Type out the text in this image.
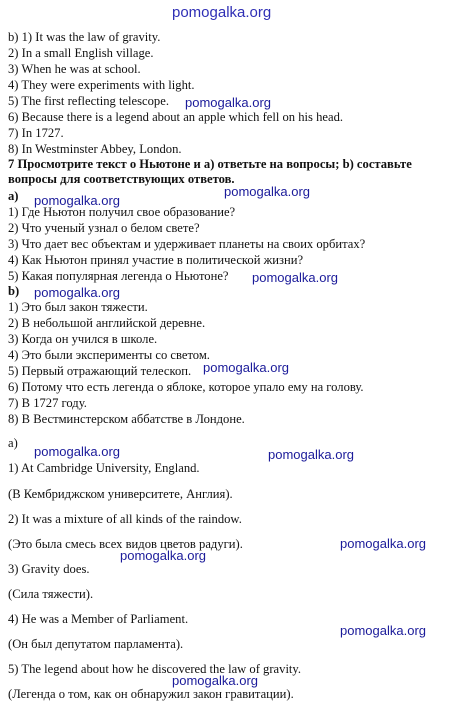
pomogalka.org
b) 1) It was the law of gravity.
2) In a small English village.
3) When he was at school.
4) They were experiments with light.
5) The first reflecting telescope.
6) Because there is a legend about an apple which fell on his head.
7) In 1727.
8) In Westminster Abbey, London.
pomogalka.org
7 Просмотрите текст о Ньютоне и а) ответьте на вопросы; b) составьте
вопросы для соответствующих ответов.
pomogalka.org
a) pomogalka.org
1) Где Ньютон получил свое образование?
2) Что ученый узнал о белом свете?
3) Что дает вес объектам и удерживает планеты на своих орбитах?
4) Как Ньютон принял участие в политической жизни?
5) Какая популярная легенда о Ньютоне? pomogalka.org
b) pomogalka.org
1) Это был закон тяжести.
2) В небольшой английской деревне.
3) Когда он учился в школе.
4) Это были эксперименты со светом.
5) Первый отражающий телескоп. pomogalka.org
6) Потому что есть легенда о яблоке, которое упало ему на голову.
7) В 1727 году.
8) В Вестминстерском аббатстве в Лондоне.
a)
pomogalka.org	pomogalka.org
1) At Cambridge University, England.
(В Кембриджском университете, Англия).
2) It was a mixture of all kinds of the raindow.
(Это была смесь всех видов цветов радуги).	pomogalka.org
pomogalka.org
3) Gravity does.
(Сила тяжести).
4) He was a Member of Parliament.
pomogalka.org
(Он был депутатом парламента).
5) The legend about how he discovered the law of gravity.
pomogalka.org
(Легенда о том, как он обнаружил закон гравитации).
